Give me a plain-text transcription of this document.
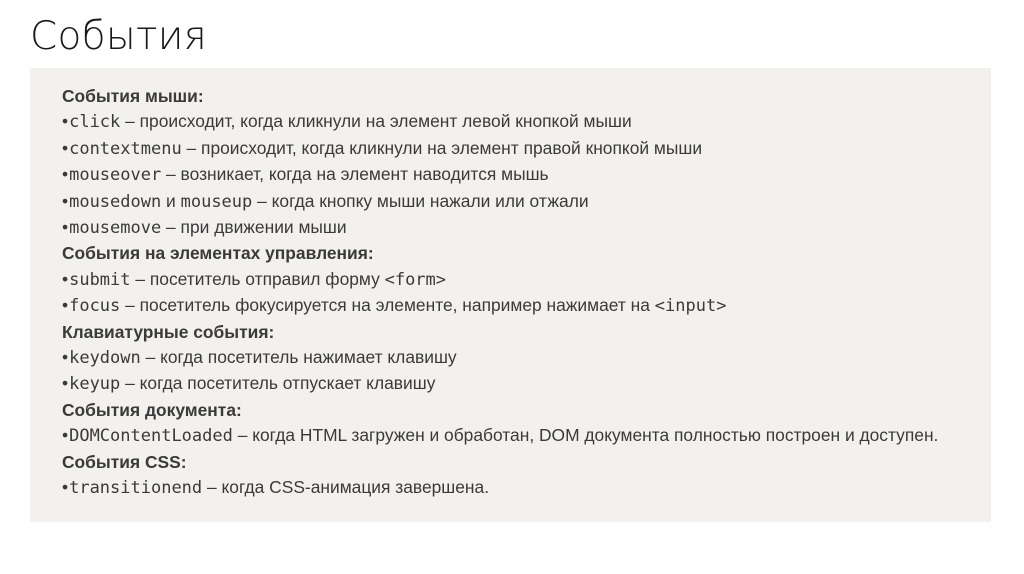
События
События мыши:
•click – происходит, когда кликнули на элемент левой кнопкой мыши
•contextmenu – происходит, когда кликнули на элемент правой кнопкой мыши
•mouseover – возникает, когда на элемент наводится мышь
•mousedown и mouseup – когда кнопку мыши нажали или отжали
•mousemove – при движении мыши
События на элементах управления:
•submit – посетитель отправил форму <form>
•focus – посетитель фокусируется на элементе, например нажимает на <input>
Клавиатурные события:
•keydown – когда посетитель нажимает клавишу
•keyup – когда посетитель отпускает клавишу
События документа:
•DOMContentLoaded – когда HTML загружен и обработан, DOM документа полностью построен и доступен.
События CSS:
•transitionend – когда CSS-анимация завершена.
